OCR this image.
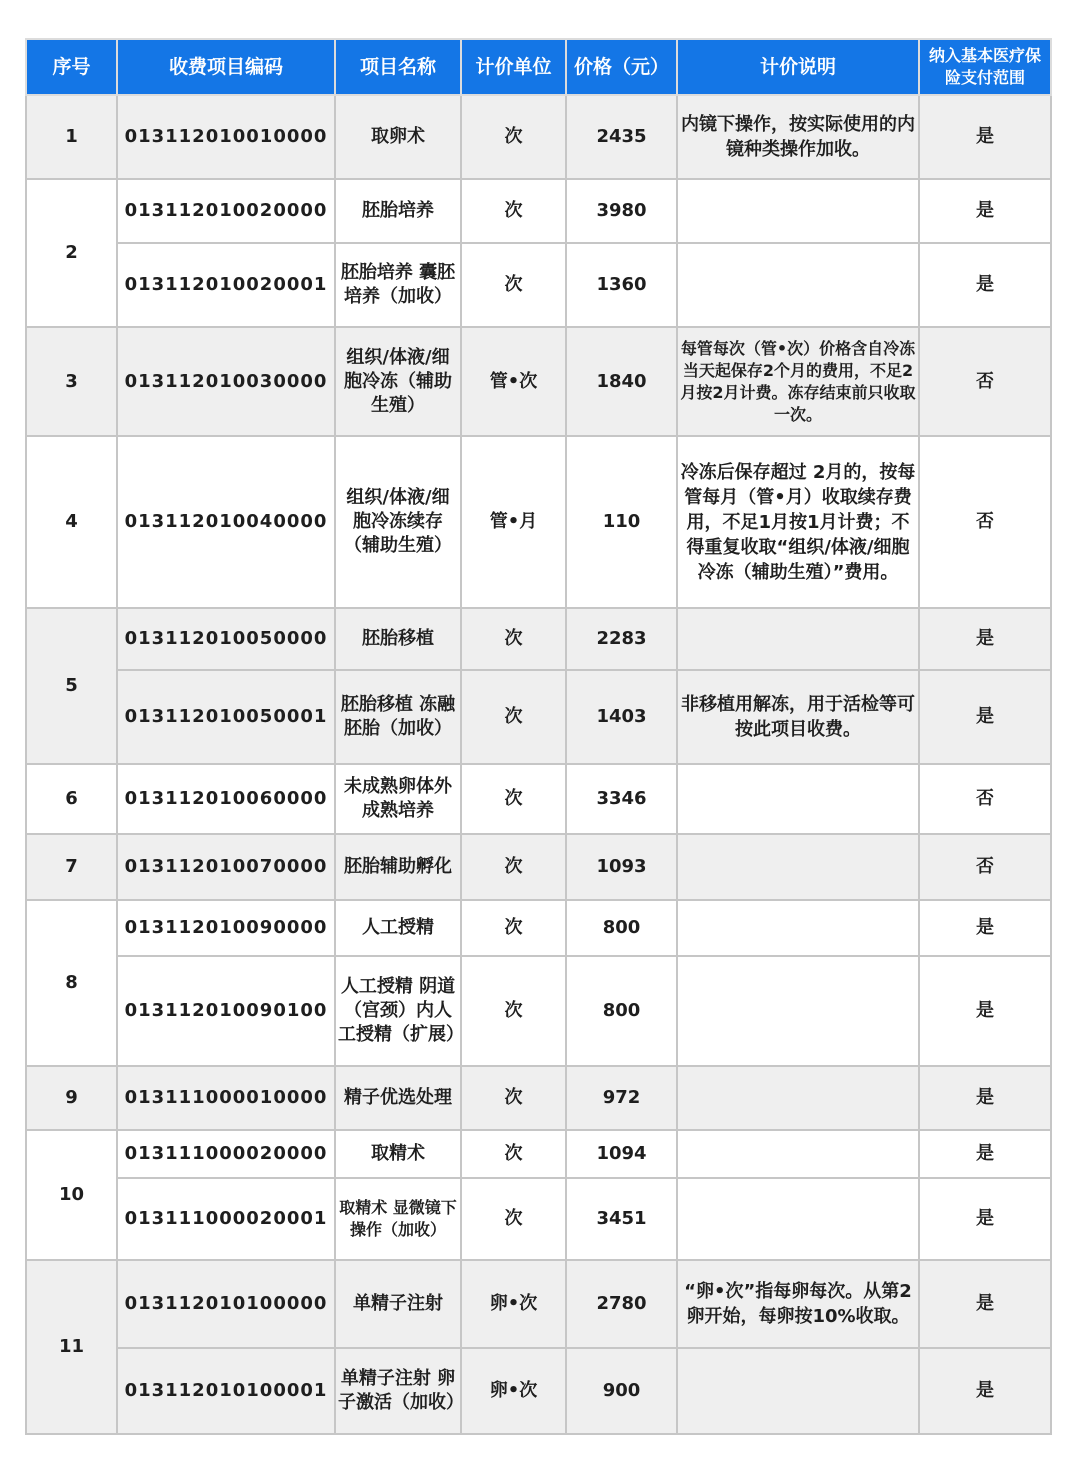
序号	收费项目编码	项目名称	计价单位	价格（元）	计价说明	纳入基本医疗保险支付范围
1	013112010010000	取卵术	次	2435	内镜下操作，按实际使用的内镜种类操作加收。	是
2	013112010020000	胚胎培养	次	3980		是
	013112010020001	胚胎培养 囊胚培养（加收）	次	1360		是
3	013112010030000	组织/体液/细胞冷冻（辅助生殖）	管•次	1840	每管每次（管•次）价格含自冷冻当天起保存2个月的费用，不足2月按2月计费。冻存结束前只收取一次。	否
4	013112010040000	组织/体液/细胞冷冻续存（辅助生殖）	管•月	110	冷冻后保存超过 2月的，按每管每月（管•月）收取续存费用，不足1月按1月计费；不得重复收取“组织/体液/细胞冷冻（辅助生殖）”费用。	否
5	013112010050000	胚胎移植	次	2283		是
	013112010050001	胚胎移植 冻融胚胎（加收）	次	1403	非移植用解冻，用于活检等可按此项目收费。	是
6	013112010060000	未成熟卵体外成熟培养	次	3346		否
7	013112010070000	胚胎辅助孵化	次	1093		否
8	013112010090000	人工授精	次	800		是
	013112010090100	人工授精 阴道（宫颈）内人工授精（扩展）	次	800		是
9	013111000010000	精子优选处理	次	972		是
10	013111000020000	取精术	次	1094		是
	013111000020001	取精术 显微镜下操作（加收）	次	3451		是
11	013112010100000	单精子注射	卵•次	2780	“卵•次”指每卵每次。从第2卵开始，每卵按10%收取。	是
	013112010100001	单精子注射 卵子激活（加收）	卵•次	900		是
